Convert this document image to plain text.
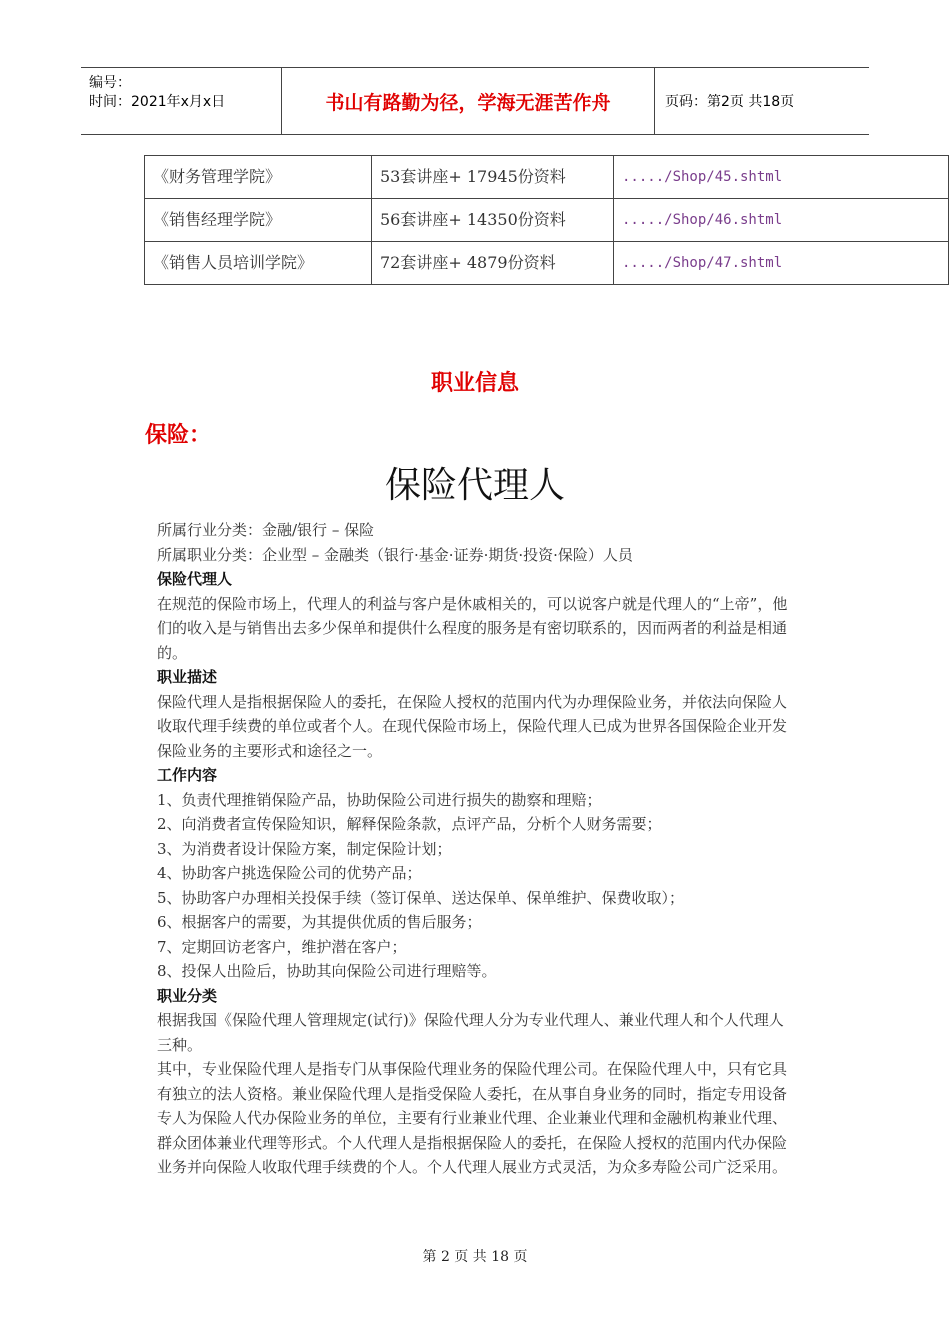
编号：
时间：2021年x月x日	书山有路勤为径，学海无涯苦作舟	页码：第2页 共18页
《财务管理学院》	53套讲座+ 17945份资料	...../Shop/45.shtml
《销售经理学院》	56套讲座+ 14350份资料	...../Shop/46.shtml
《销售人员培训学院》	72套讲座+ 4879份资料	...../Shop/47.shtml
职业信息
保险：
保险代理人

所属行业分类：金融/银行 – 保险

所属职业分类：企业型 – 金融类（银行·基金·证券·期货·投资·保险）人员

保险代理人

在规范的保险市场上，代理人的利益与客户是休戚相关的，可以说客户就是代理人的“上帝”，他们的收入是与销售出去多少保单和提供什么程度的服务是有密切联系的，因而两者的利益是相通的。

职业描述

保险代理人是指根据保险人的委托，在保险人授权的范围内代为办理保险业务，并依法向保险人收取代理手续费的单位或者个人。在现代保险市场上，保险代理人已成为世界各国保险企业开发保险业务的主要形式和途径之一。

工作内容

1、负责代理推销保险产品，协助保险公司进行损失的勘察和理赔；

2、向消费者宣传保险知识，解释保险条款，点评产品，分析个人财务需要；

3、为消费者设计保险方案，制定保险计划；

4、协助客户挑选保险公司的优势产品；

5、协助客户办理相关投保手续（签订保单、送达保单、保单维护、保费收取）；

6、根据客户的需要，为其提供优质的售后服务；

7、定期回访老客户，维护潜在客户；

8、投保人出险后，协助其向保险公司进行理赔等。

职业分类

根据我国《保险代理人管理规定(试行)》保险代理人分为专业代理人、兼业代理人和个人代理人三种。

其中，专业保险代理人是指专门从事保险代理业务的保险代理公司。在保险代理人中，只有它具有独立的法人资格。兼业保险代理人是指受保险人委托，在从事自身业务的同时，指定专用设备专人为保险人代办保险业务的单位，主要有行业兼业代理、企业兼业代理和金融机构兼业代理、群众团体兼业代理等形式。个人代理人是指根据保险人的委托，在保险人授权的范围内代办保险业务并向保险人收取代理手续费的个人。个人代理人展业方式灵活，为众多寿险公司广泛采用。

第 2 页 共 18 页
